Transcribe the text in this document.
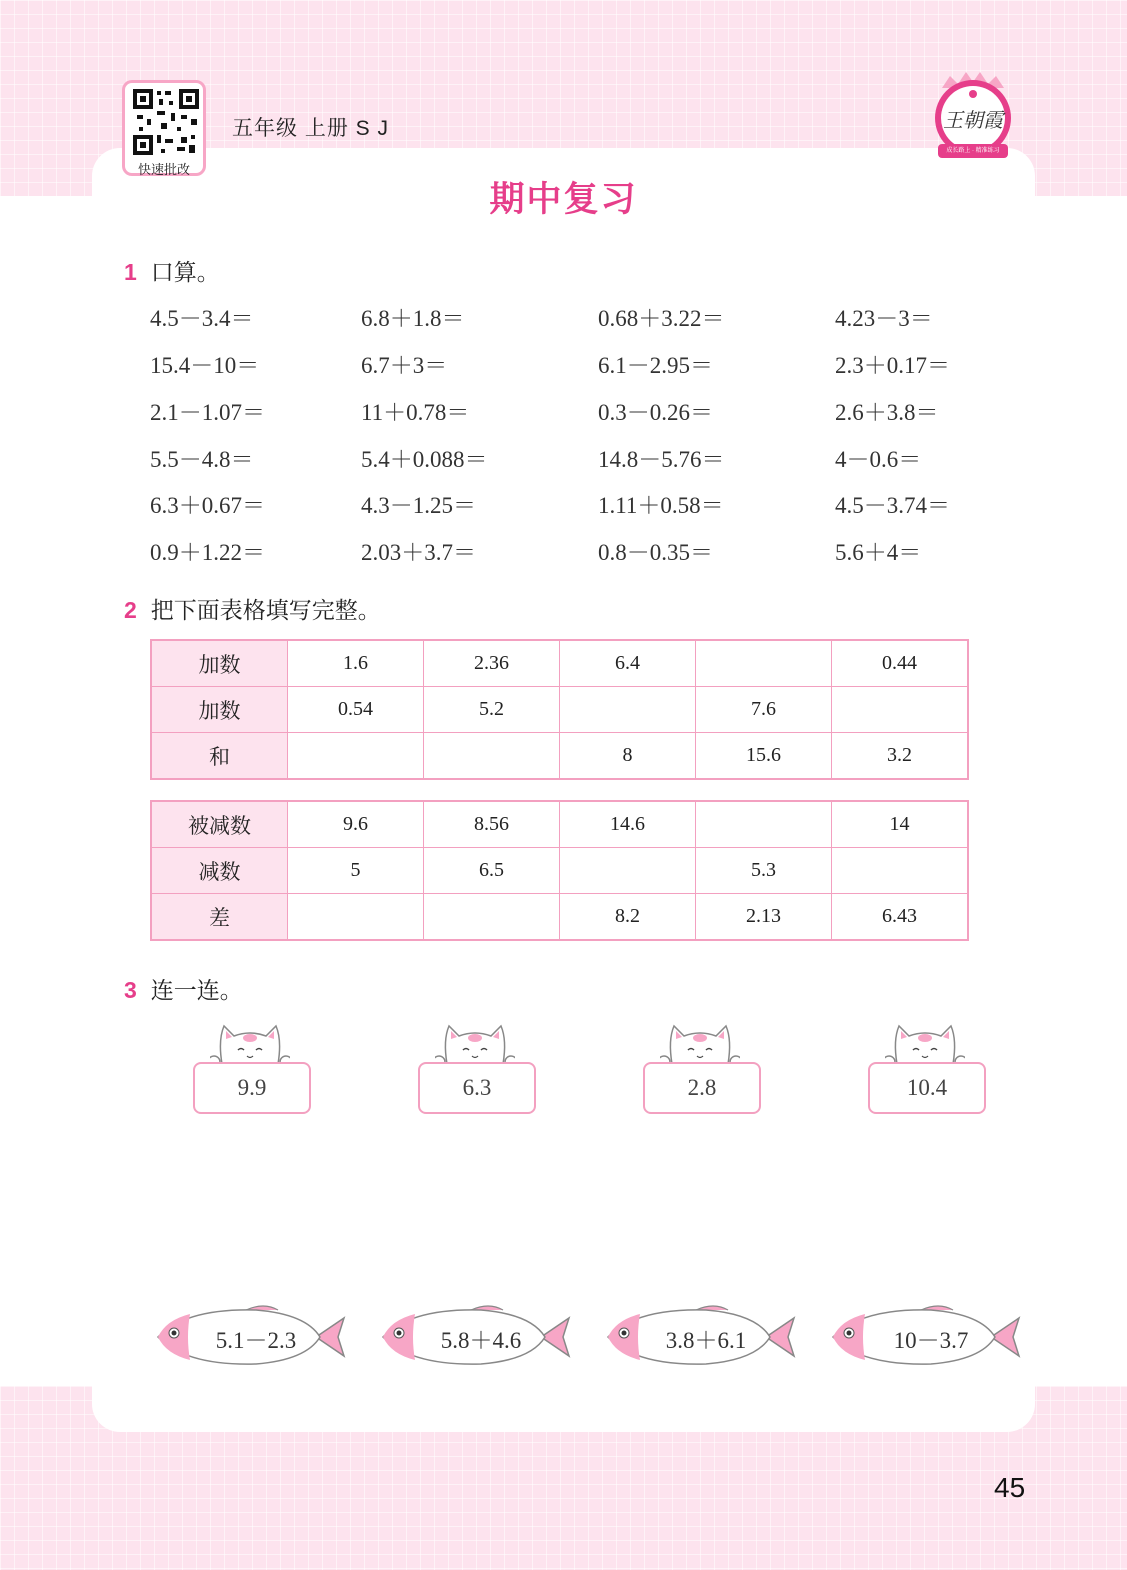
快速批改
五年级 上册 S J	王朝霞
成长路上 · 精准练习
期中复习
1 口算。
4.5－3.4＝	6.8＋1.8＝	0.68＋3.22＝	4.23－3＝
15.4－10＝	6.7＋3＝	6.1－2.95＝	2.3＋0.17＝
2.1－1.07＝	11＋0.78＝	0.3－0.26＝	2.6＋3.8＝
5.5－4.8＝	5.4＋0.088＝	14.8－5.76＝	4－0.6＝
6.3＋0.67＝	4.3－1.25＝	1.11＋0.58＝	4.5－3.74＝
0.9＋1.22＝	2.03＋3.7＝	0.8－0.35＝	5.6＋4＝
2 把下面表格填写完整。
加数	1.6	2.36	6.4		0.44
加数	0.54	5.2		7.6	
和			8	15.6	3.2
被减数	9.6	8.56	14.6		14
减数	5	6.5		5.3	
差			8.2	2.13	6.43
3 连一连。
9.9	6.3	2.8	10.4
5.1－2.3	5.8＋4.6	3.8＋6.1	10－3.7
45
